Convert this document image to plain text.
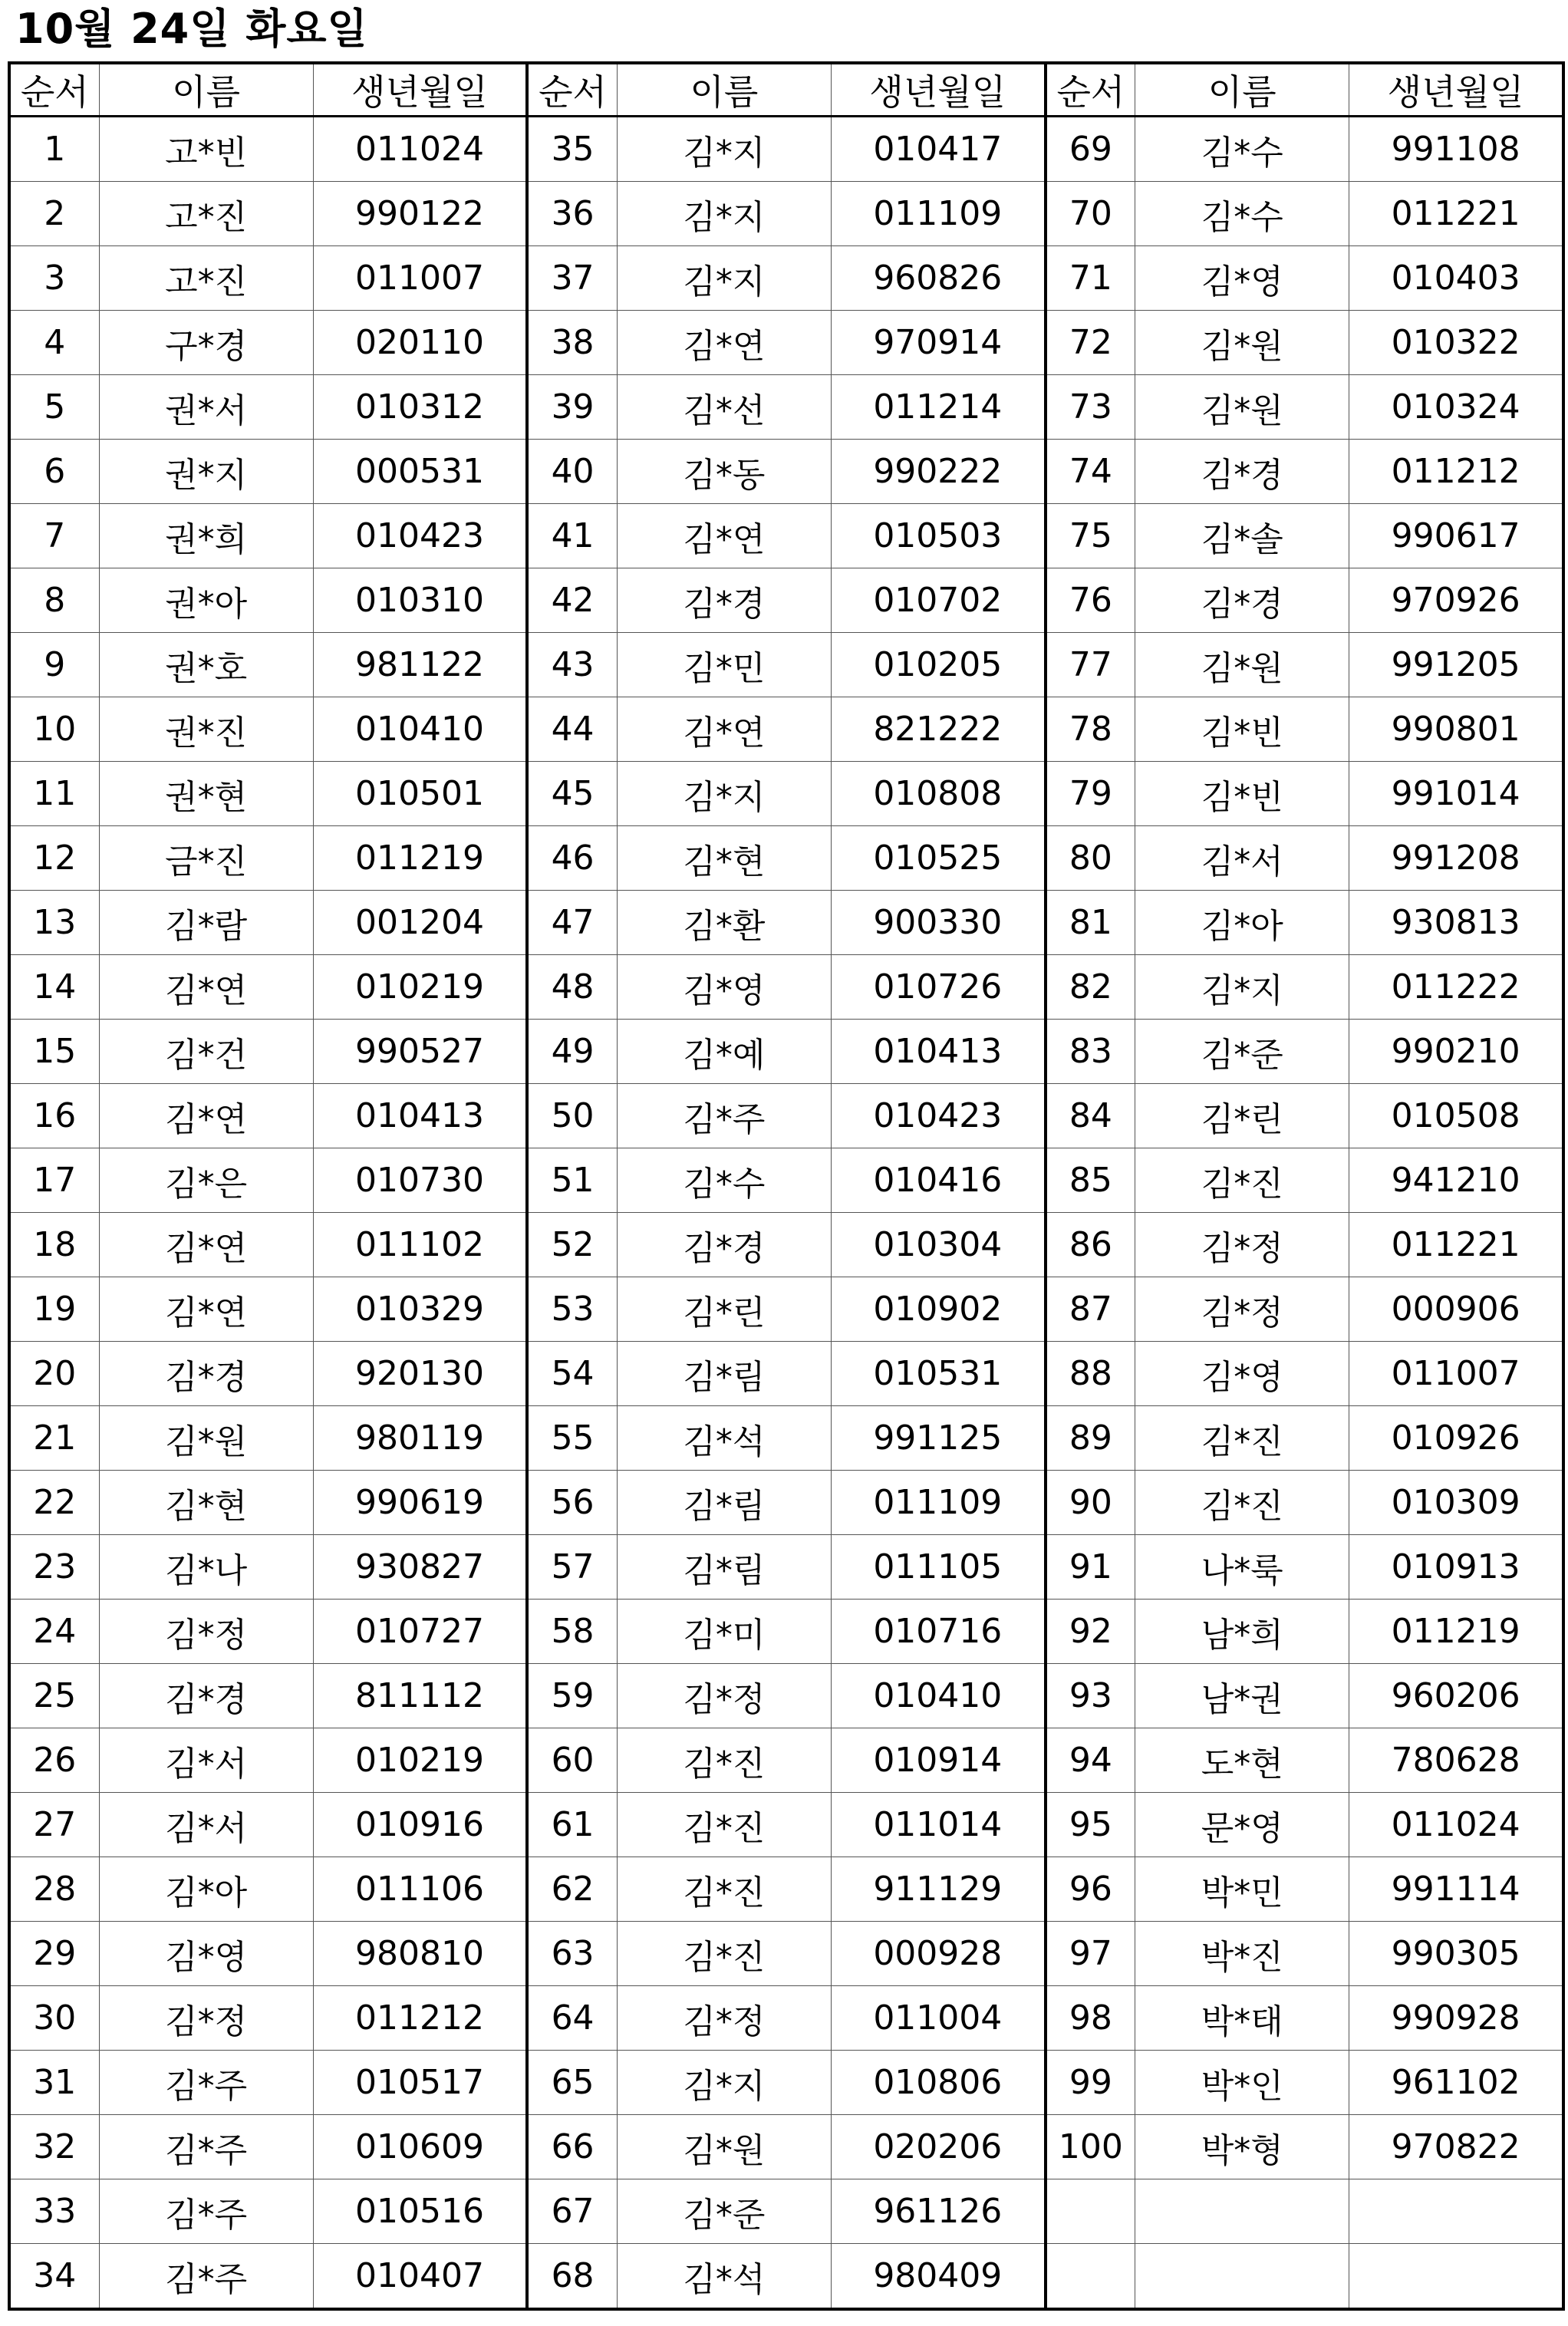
10월 24일 화요일
순서	이름	생년월일	순서	이름	생년월일	순서	이름	생년월일
1	고*빈	011024	35	김*지	010417	69	김*수	991108
2	고*진	990122	36	김*지	011109	70	김*수	011221
3	고*진	011007	37	김*지	960826	71	김*영	010403
4	구*경	020110	38	김*연	970914	72	김*원	010322
5	권*서	010312	39	김*선	011214	73	김*원	010324
6	권*지	000531	40	김*동	990222	74	김*경	011212
7	권*희	010423	41	김*연	010503	75	김*솔	990617
8	권*아	010310	42	김*경	010702	76	김*경	970926
9	권*호	981122	43	김*민	010205	77	김*원	991205
10	권*진	010410	44	김*연	821222	78	김*빈	990801
11	권*현	010501	45	김*지	010808	79	김*빈	991014
12	금*진	011219	46	김*현	010525	80	김*서	991208
13	김*람	001204	47	김*환	900330	81	김*아	930813
14	김*연	010219	48	김*영	010726	82	김*지	011222
15	김*건	990527	49	김*예	010413	83	김*준	990210
16	김*연	010413	50	김*주	010423	84	김*린	010508
17	김*은	010730	51	김*수	010416	85	김*진	941210
18	김*연	011102	52	김*경	010304	86	김*정	011221
19	김*연	010329	53	김*린	010902	87	김*정	000906
20	김*경	920130	54	김*림	010531	88	김*영	011007
21	김*원	980119	55	김*석	991125	89	김*진	010926
22	김*현	990619	56	김*림	011109	90	김*진	010309
23	김*나	930827	57	김*림	011105	91	나*룩	010913
24	김*정	010727	58	김*미	010716	92	남*희	011219
25	김*경	811112	59	김*정	010410	93	남*권	960206
26	김*서	010219	60	김*진	010914	94	도*현	780628
27	김*서	010916	61	김*진	011014	95	문*영	011024
28	김*아	011106	62	김*진	911129	96	박*민	991114
29	김*영	980810	63	김*진	000928	97	박*진	990305
30	김*정	011212	64	김*정	011004	98	박*태	990928
31	김*주	010517	65	김*지	010806	99	박*인	961102
32	김*주	010609	66	김*원	020206	100	박*형	970822
33	김*주	010516	67	김*준	961126			
34	김*주	010407	68	김*석	980409			
